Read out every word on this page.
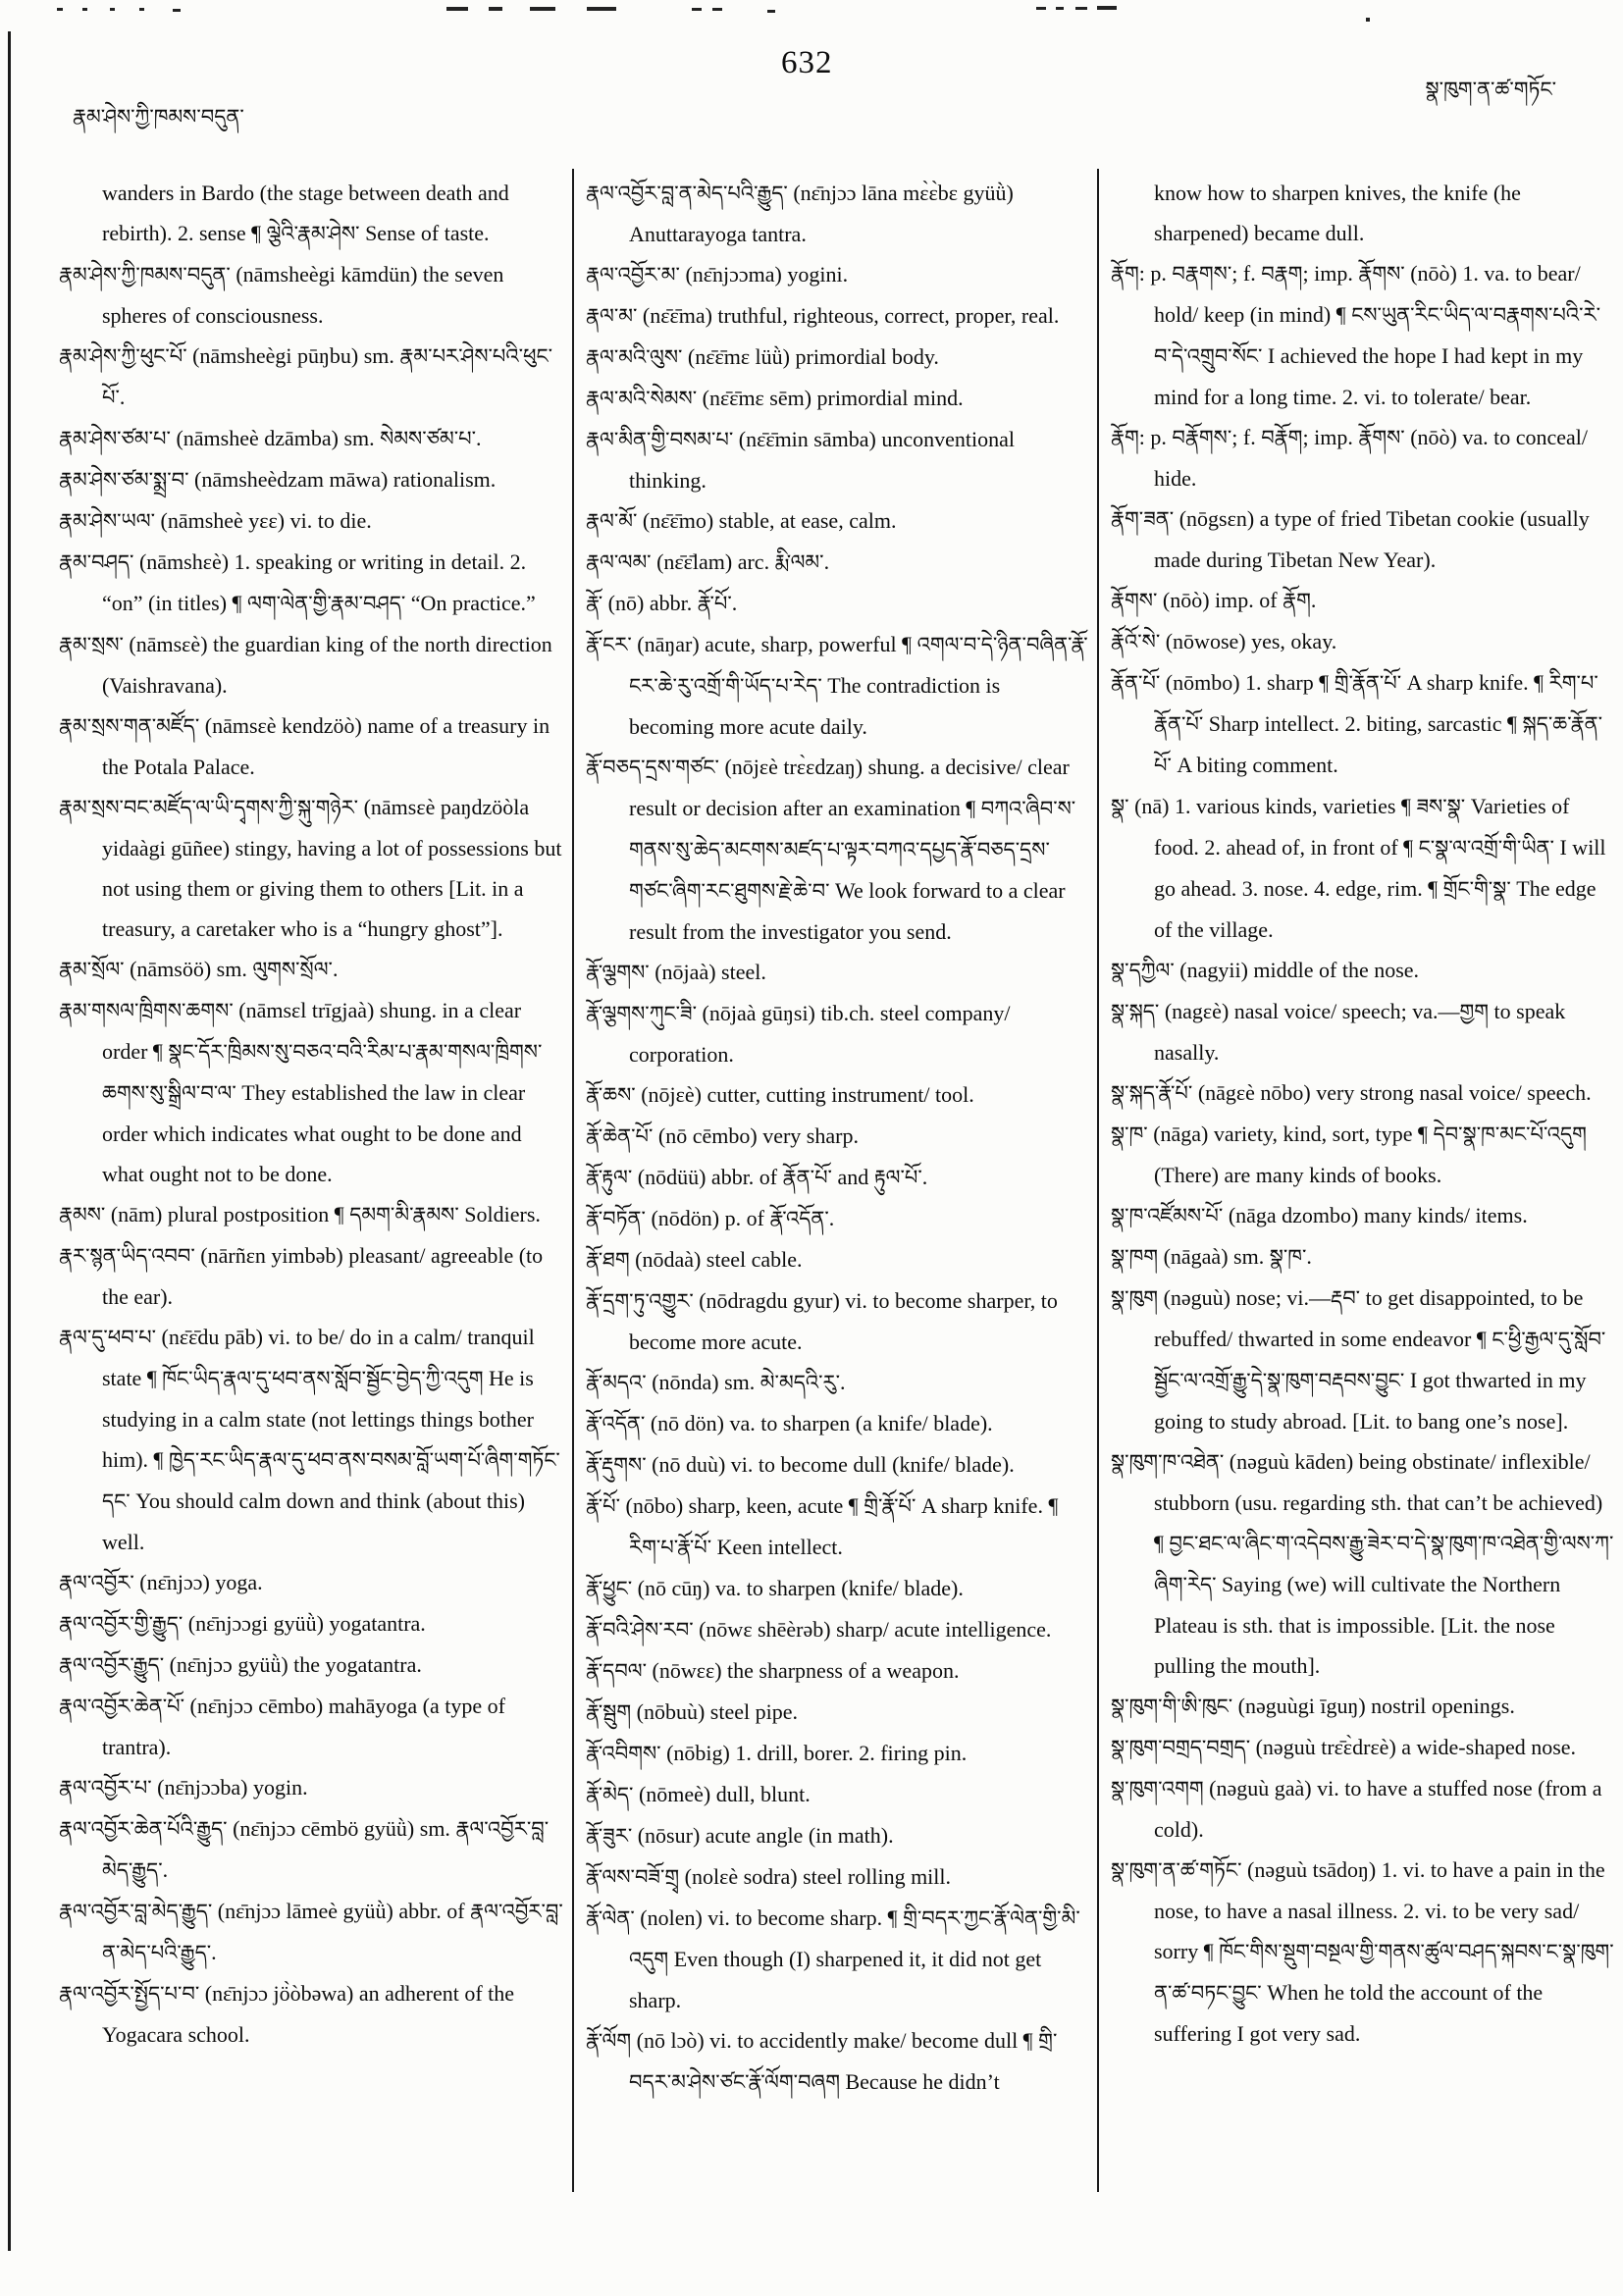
རྣམ་ཤེས་ཀྱི་ཁམས་བདུན་
632
སྣ་ཁུག་ན་ཚ་གཏོང་
wanders in Bardo (the stage between death and rebirth). 2. sense ¶ ལྕེའི་རྣམ་ཤེས་ Sense of taste.
རྣམ་ཤེས་ཀྱི་ཁམས་བདུན་ (nāmsheègi kāmdün) the seven spheres of consciousness.
རྣམ་ཤེས་ཀྱི་ཕུང་པོ་ (nāmsheègi pūŋbu) sm. རྣམ་པར་ཤེས་པའི་ཕུང་པོ་.
རྣམ་ཤེས་ཙམ་པ་ (nāmsheè dzāmba) sm. སེམས་ཙམ་པ་.
རྣམ་ཤེས་ཙམ་སྨྲ་བ་ (nāmsheèdzam māwa) rationalism.
རྣམ་ཤེས་ཡལ་ (nāmsheè yɛɛ) vi. to die.
རྣམ་བཤད་ (nāmshɛè) 1. speaking or writing in detail. 2. “on” (in titles) ¶ ལག་ལེན་གྱི་རྣམ་བཤད་ “On practice.”
རྣམ་སྲས་ (nāmsɛè) the guardian king of the north direction (Vaishravana).
རྣམ་སྲས་གན་མཛོད་ (nāmsɛè kendzöò) name of a treasury in the Potala Palace.
རྣམ་སྲས་བང་མཛོད་ལ་ཡི་དྭགས་ཀྱི་སྐུ་གཉེར་ (nāmsɛè paŋdzöòla yidaàgi gūñee) stingy, having a lot of possessions but not using them or giving them to others [Lit. in a treasury, a caretaker who is a “hungry ghost”].
རྣམ་སྲོལ་ (nāmsöö) sm. ལུགས་སྲོལ་.
རྣམ་གསལ་ཁྲིགས་ཆགས་ (nāmsɛl trīgjaà) shung. in a clear order ¶ སྣང་དོར་ཁྲིམས་སུ་བཅའ་བའི་རིམ་པ་རྣམ་གསལ་ཁྲིགས་ཆགས་སུ་སྒྲིལ་བ་ལ་ They established the law in clear order which indicates what ought to be done and what ought not to be done.
རྣམས་ (nām) plural postposition ¶ དམག་མི་རྣམས་ Soldiers.
རྣར་སྙན་ཡིད་འབབ་ (nārñɛn yimbəb) pleasant/ agreeable (to the ear).
རྣལ་དུ་ཕབ་པ་ (nɛ̄ɛ̄du pāb) vi. to be/ do in a calm/ tranquil state ¶ ཁོང་ཡིད་རྣལ་དུ་ཕབ་ནས་སློབ་སྦྱོང་བྱེད་ཀྱི་འདུག He is studying in a calm state (not lettings things bother him). ¶ ཁྱེད་རང་ཡིད་རྣལ་དུ་ཕབ་ནས་བསམ་བློ་ཡག་པོ་ཞིག་གཏོང་དང་ You should calm down and think (about this) well.
རྣལ་འབྱོར་ (nɛ̄njɔɔ) yoga.
རྣལ་འབྱོར་གྱི་རྒྱུད་ (nɛ̄njɔɔgi gyüǜ) yogatantra.
རྣལ་འབྱོར་རྒྱུད་ (nɛ̄njɔɔ gyüǜ) the yogatantra.
རྣལ་འབྱོར་ཆེན་པོ་ (nɛ̄njɔɔ cēmbo) mahāyoga (a type of trantra).
རྣལ་འབྱོར་པ་ (nɛ̄njɔɔba) yogin.
རྣལ་འབྱོར་ཆེན་པོའི་རྒྱུད་ (nɛ̄njɔɔ cēmbö gyüǜ) sm. རྣལ་འབྱོར་བླ་མེད་རྒྱུད་.
རྣལ་འབྱོར་བླ་མེད་རྒྱུད་ (nɛ̄njɔɔ lāmeè gyüǜ) abbr. of རྣལ་འབྱོར་བླ་ན་མེད་པའི་རྒྱུད་.
རྣལ་འབྱོར་སྤྱོད་པ་བ་ (nɛ̄njɔɔ jö̀òbəwa) an adherent of the Yogacara school.
རྣལ་འབྱོར་བླ་ན་མེད་པའི་རྒྱུད་ (nɛ̄njɔɔ lāna mɛ̀ɛ̀bɛ gyüǜ) Anuttarayoga tantra.
རྣལ་འབྱོར་མ་ (nɛ̄njɔɔma) yogini.
རྣལ་མ་ (nɛ̄ɛ̄ma) truthful, righteous, correct, proper, real.
རྣལ་མའི་ལུས་ (nɛ̄ɛ̄mɛ lüǜ) primordial body.
རྣལ་མའི་སེམས་ (nɛ̄ɛ̄mɛ sēm) primordial mind.
རྣལ་མིན་གྱི་བསམ་པ་ (nɛ̄ɛ̄min sāmba) unconventional thinking.
རྣལ་མོ་ (nɛ̄ɛ̄mo) stable, at ease, calm.
རྣལ་ལམ་ (nɛ̄ɛ̄lam) arc. རྨི་ལམ་.
རྣོ་ (nō) abbr. རྣོ་པོ་.
རྣོ་ངར་ (nāŋar) acute, sharp, powerful ¶ འགལ་བ་དེ་ཉིན་བཞིན་རྣོ་ངར་ཆེ་རུ་འགྲོ་གི་ཡོད་པ་རེད་ The contradiction is becoming more acute daily.
རྣོ་བཅད་དྲས་གཙང་ (nōjɛè trɛ̀ɛdzaŋ) shung. a decisive/ clear result or decision after an examination ¶ བཀའ་ཞིབ་ས་གནས་སུ་ཆེད་མངགས་མཛད་པ་ལྟར་བཀའ་དཔྱད་རྣོ་བཅད་དྲས་གཙང་ཞིག་རང་ཐུགས་རྗེ་ཆེ་བ་ We look forward to a clear result from the investigator you send.
རྣོ་ལྕགས་ (nōjaà) steel.
རྣོ་ལྕགས་ཀུང་ཟི་ (nōjaà gūŋsi) tib.ch. steel company/ corporation.
རྣོ་ཆས་ (nōjɛè) cutter, cutting instrument/ tool.
རྣོ་ཆེན་པོ་ (nō cēmbo) very sharp.
རྣོ་རྟུལ་ (nōdüü) abbr. of རྣོན་པོ་ and རྟུལ་པོ་.
རྣོ་བཏོན་ (nōdön) p. of རྣོ་འདོན་.
རྣོ་ཐག (nōdaà) steel cable.
རྣོ་དྲག་ཏུ་འགྱུར་ (nōdragdu gyur) vi. to become sharper, to become more acute.
རྣོ་མདའ་ (nōnda) sm. མེ་མདའི་རུ་.
རྣོ་འདོན་ (nō dön) va. to sharpen (a knife/ blade).
རྣོ་རྡུགས་ (nō duù) vi. to become dull (knife/ blade).
རྣོ་པོ་ (nōbo) sharp, keen, acute ¶ གྲི་རྣོ་པོ་ A sharp knife. ¶ རིག་པ་རྣོ་པོ་ Keen intellect.
རྣོ་ཕྱུང་ (nō cūŋ) va. to sharpen (knife/ blade).
རྣོ་བའི་ཤེས་རབ་ (nōwɛ shēèrəb) sharp/ acute intelligence.
རྣོ་དབལ་ (nōwɛɛ) the sharpness of a weapon.
རྣོ་སྦུག (nōbuù) steel pipe.
རྣོ་འབིགས་ (nōbig) 1. drill, borer. 2. firing pin.
རྣོ་མེད་ (nōmeè) dull, blunt.
རྣོ་ཟུར་ (nōsur) acute angle (in math).
རྣོ་ལས་བཟོ་གྲྭ (nolɛè sodra) steel rolling mill.
རྣོ་ལེན་ (nolen) vi. to become sharp. ¶ གྲི་བདར་ཀྱང་རྣོ་ལེན་གྱི་མི་འདུག Even though (I) sharpened it, it did not get sharp.
རྣོ་ལོག (nō lɔò) vi. to accidently make/ become dull ¶ གྲི་བདར་མ་ཤེས་ཙང་རྣོ་ལོག་བཞག Because he didn’t
know how to sharpen knives, the knife (he sharpened) became dull.
རྣོག: p. བརྣགས་; f. བརྣག; imp. རྣོགས་ (nōò) 1. va. to bear/ hold/ keep (in mind) ¶ ངས་ཡུན་རིང་ཡིད་ལ་བརྣགས་པའི་རེ་བ་དེ་འགྲུབ་སོང་ I achieved the hope I had kept in my mind for a long time. 2. vi. to tolerate/ bear.
རྣོག: p. བརྣོགས་; f. བརྣོག; imp. རྣོགས་ (nōò) va. to conceal/ hide.
རྣོག་ཟན་ (nōgsɛn) a type of fried Tibetan cookie (usually made during Tibetan New Year).
རྣོགས་ (nōò) imp. of རྣོག.
རྣོའོ་སེ་ (nōwose) yes, okay.
རྣོན་པོ་ (nōmbo) 1. sharp ¶ གྲི་རྣོན་པོ་ A sharp knife. ¶ རིག་པ་རྣོན་པོ་ Sharp intellect. 2. biting, sarcastic ¶ སྐད་ཆ་རྣོན་པོ་ A biting comment.
སྣ་ (nā) 1. various kinds, varieties ¶ ཟས་སྣ་ Varieties of food. 2. ahead of, in front of ¶ ང་སྣ་ལ་འགྲོ་གི་ཡིན་ I will go ahead. 3. nose. 4. edge, rim. ¶ གྲོང་གི་སྣ་ The edge of the village.
སྣ་དཀྱིལ་ (nagyii) middle of the nose.
སྣ་སྐད་ (nagɛè) nasal voice/ speech; va.—གྱག to speak nasally.
སྣ་སྐད་རྣོ་པོ་ (nāgɛè nōbo) very strong nasal voice/ speech.
སྣ་ཁ་ (nāga) variety, kind, sort, type ¶ དེབ་སྣ་ཁ་མང་པོ་འདུག (There) are many kinds of books.
སྣ་ཁ་འཛོམས་པོ་ (nāga dzombo) many kinds/ items.
སྣ་ཁག (nāgaà) sm. སྣ་ཁ་.
སྣ་ཁུག (nəguù) nose; vi.—རྡབ་ to get disappointed, to be rebuffed/ thwarted in some endeavor ¶ ང་ཕྱི་རྒྱལ་དུ་སློབ་སྦྱོང་ལ་འགྲོ་རྒྱུ་དེ་སྣ་ཁུག་བརྡབས་བྱུང་ I got thwarted in my going to study abroad. [Lit. to bang one’s nose].
སྣ་ཁུག་ཁ་འཐེན་ (nəguù kāden) being obstinate/ inflexible/ stubborn (usu. regarding sth. that can’t be achieved) ¶ བྱང་ཐང་ལ་ཞིང་ག་འདེབས་རྒྱུ་ཟེར་བ་དེ་སྣ་ཁུག་ཁ་འཐེན་གྱི་ལས་ཀ་ཞིག་རེད་ Saying (we) will cultivate the Northern Plateau is sth. that is impossible. [Lit. the nose pulling the mouth].
སྣ་ཁུག་གི་ཨི་ཁུང་ (nəguùgi īguŋ) nostril openings.
སྣ་ཁུག་བགྲད་བགྲད་ (nəguù trɛ̄ɛ̀drɛè) a wide-shaped nose.
སྣ་ཁུག་འགག (nəguù gaà) vi. to have a stuffed nose (from a cold).
སྣ་ཁུག་ན་ཚ་གཏོང་ (nəguù tsādoŋ) 1. vi. to have a pain in the nose, to have a nasal illness. 2. vi. to be very sad/ sorry ¶ ཁོང་གིས་སྡུག་བསྔལ་གྱི་གནས་ཚུལ་བཤད་སྐབས་ང་སྣ་ཁུག་ན་ཚ་བཏང་བྱུང་ When he told the account of the suffering I got very sad.
